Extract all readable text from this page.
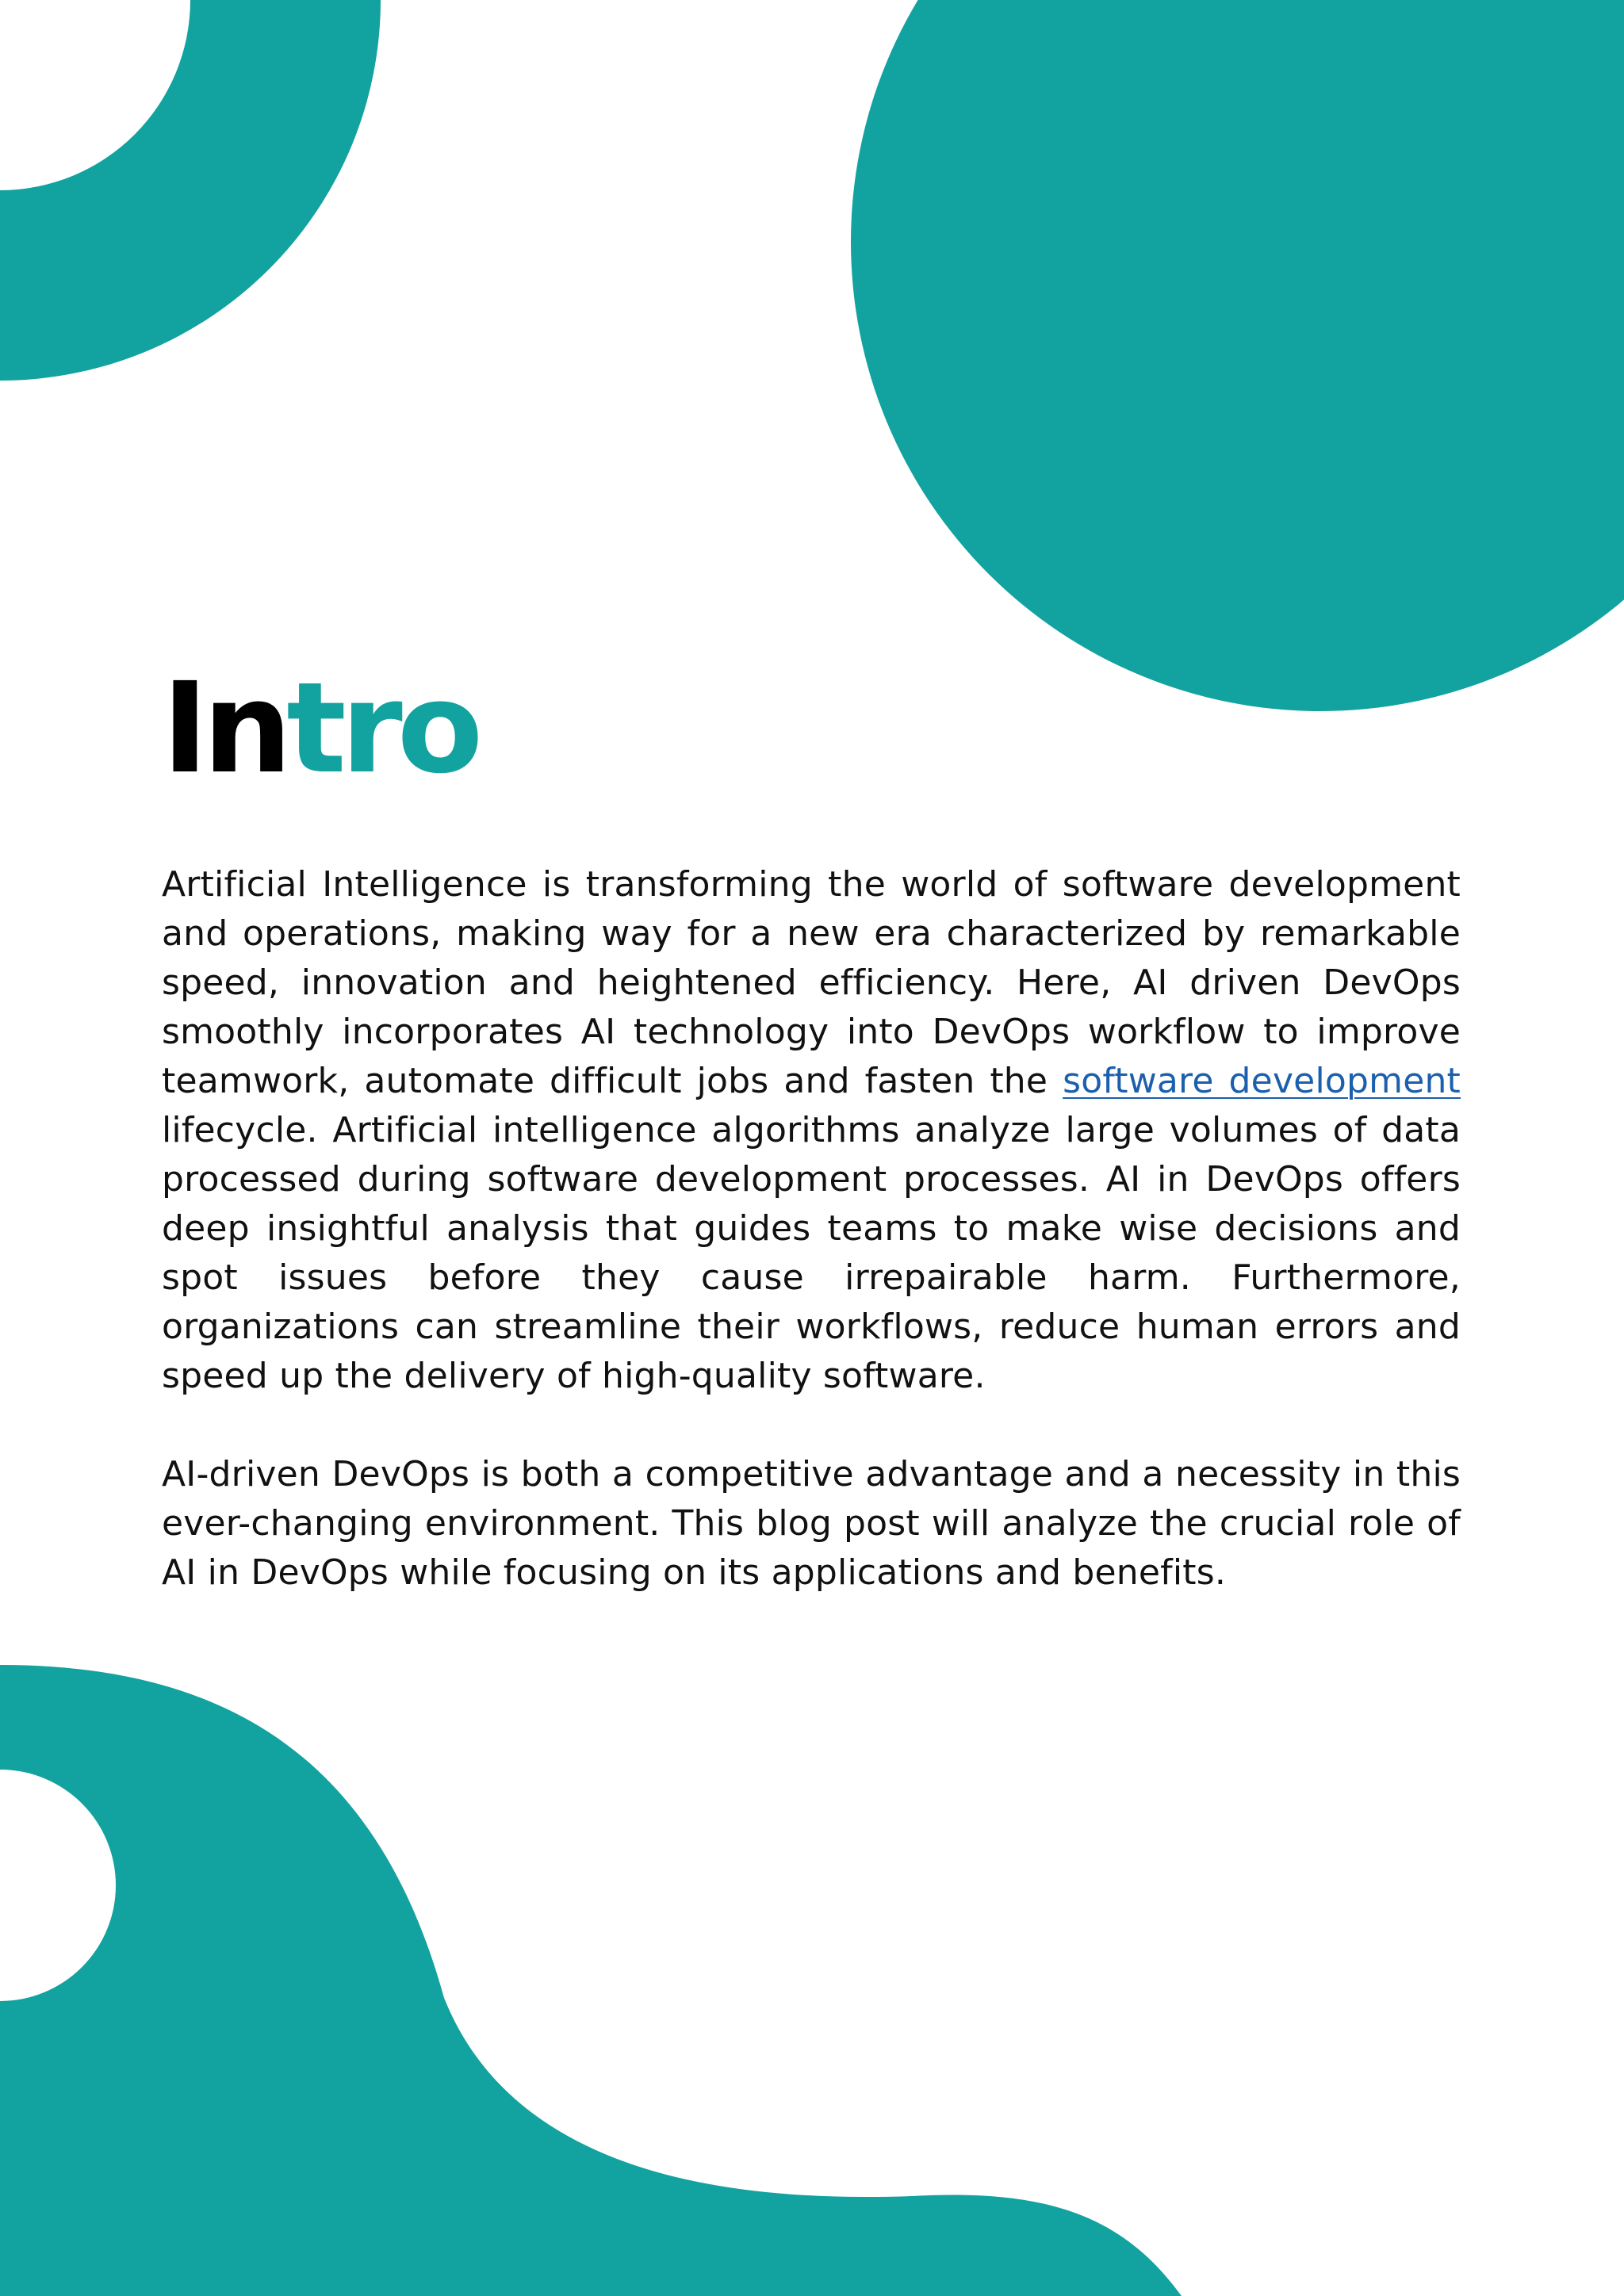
Intro

Artificial Intelligence is transforming the world of software development and operations, making way for a new era characterized by remarkable speed, innovation and heightened efficiency. Here, AI driven DevOps smoothly incorporates AI technology into DevOps workflow to improve teamwork, automate difficult jobs and fasten the software development lifecycle. Artificial intelligence algorithms analyze large volumes of data processed during software development processes. AI in DevOps offers deep insightful analysis that guides teams to make wise decisions and spot issues before they cause irrepairable harm. Furthermore, organizations can streamline their workflows, reduce human errors and speed up the delivery of high-quality software.

AI-driven DevOps is both a competitive advantage and a necessity in this ever-changing environment. This blog post will analyze the crucial role of AI in DevOps while focusing on its applications and benefits.
